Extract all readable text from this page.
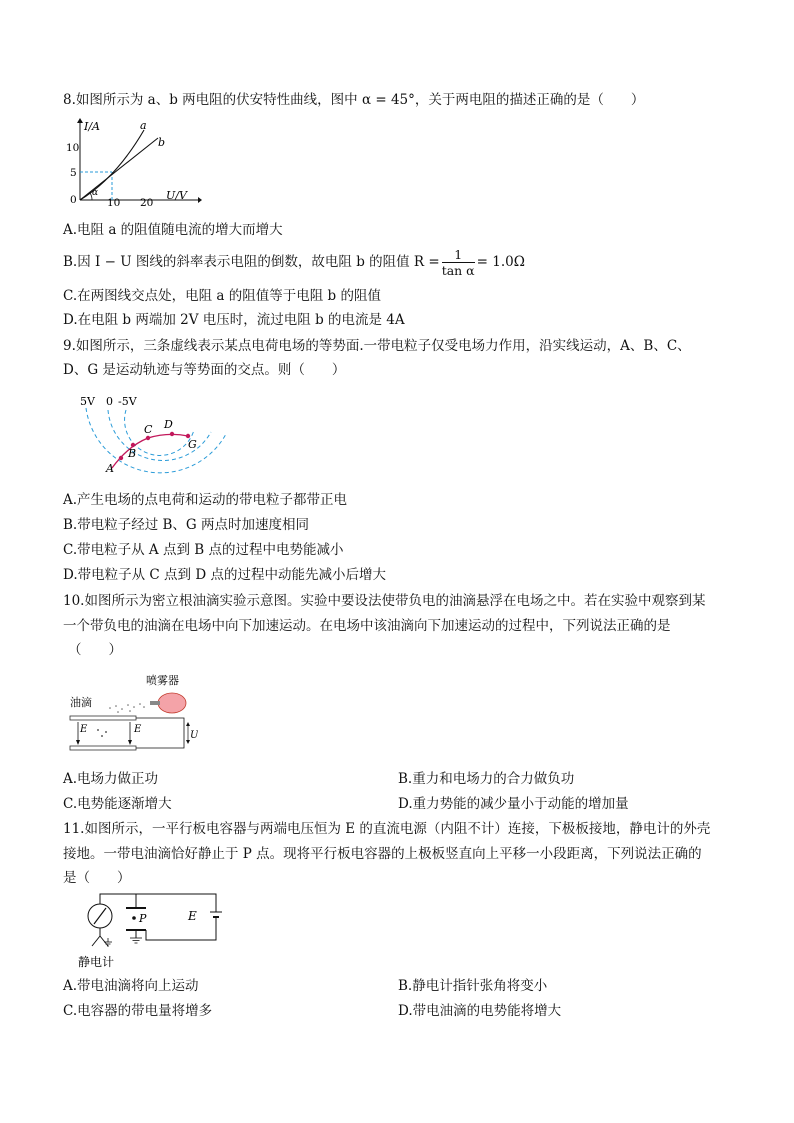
8.如图所示为 a、b 两电阻的伏安特性曲线，图中 α = 45°，关于两电阻的描述正确的是（　　）
I/A
U/V
10
5
0	10 20
a
b
α
A.电阻 a 的阻值随电流的增大而增大
B.因 I − U 图线的斜率表示电阻的倒数，故电阻 b 的阻值 $R = \frac{1}{\text{tan α}} = 1.0\Omega$
C.在两图线交点处，电阻 a 的阻值等于电阻 b 的阻值
D.在电阻 b 两端加 2V 电压时，流过电阻 b 的电流是 4A
9.如图所示，三条虚线表示某点电荷电场的等势面.一带电粒子仅受电场力作用，沿实线运动，A、B、C、
D、G 是运动轨迹与等势面的交点。则（　　）
5V 0 -5V
A
B
C D
G
A.产生电场的点电荷和运动的带电粒子都带正电
B.带电粒子经过 B、G 两点时加速度相同
C.带电粒子从 A 点到 B 点的过程中电势能减小
D.带电粒子从 C 点到 D 点的过程中动能先减小后增大
10.如图所示为密立根油滴实验示意图。实验中要设法使带负电的油滴悬浮在电场之中。若在实验中观察到某
一个带负电的油滴在电场中向下加速运动。在电场中该油滴向下加速运动的过程中，下列说法正确的是
（　　）
喷雾器
油滴
E	E
U
A.电场力做正功	B.重力和电场力的合力做负功
C.电势能逐渐增大	D.重力势能的减少量小于动能的增加量
11.如图所示，一平行板电容器与两端电压恒为 E 的直流电源（内阻不计）连接，下极板接地，静电计的外壳
接地。一带电油滴恰好静止于 P 点。现将平行板电容器的上极板竖直向上平移一小段距离，下列说法正确的
是（　　）
P	E
静电计
A.带电油滴将向上运动	B.静电计指针张角将变小
C.电容器的带电量将增多	D.带电油滴的电势能将增大
